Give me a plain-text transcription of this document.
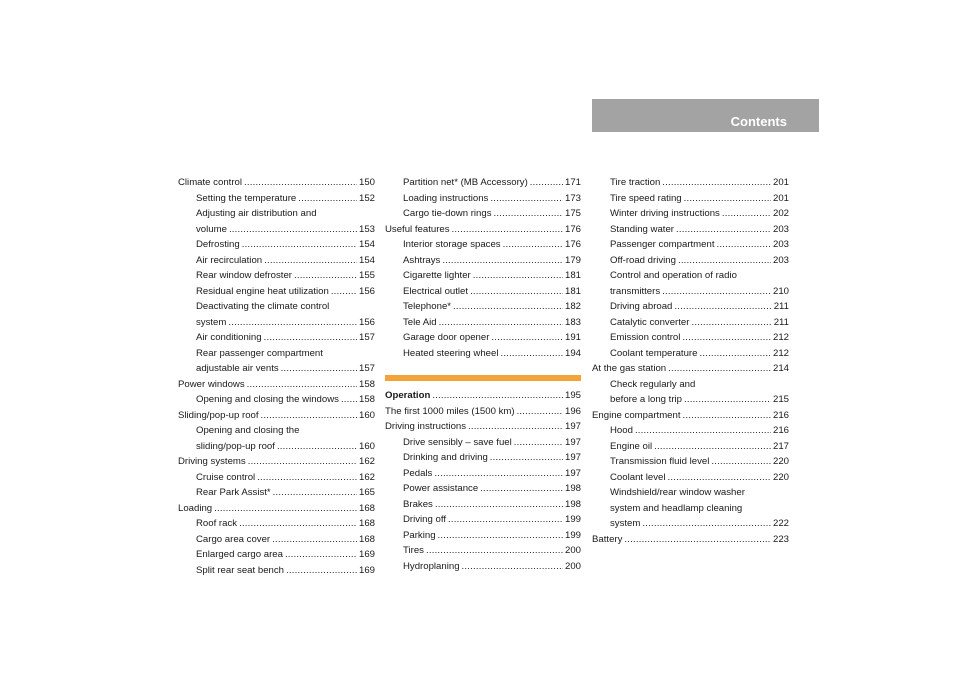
Contents
Climate control .....	150
Setting the temperature .....	152
Adjusting air distribution and
volume .....	153
Defrosting .....	154
Air recirculation .....	154
Rear window defroster .....	155
Residual engine heat utilization .....	156
Deactivating the climate control
system .....	156
Air conditioning .....	157
Rear passenger compartment
adjustable air vents .....	157
Power windows .....	158
Opening and closing the windows ..... 158
Sliding/pop-up roof .....	160
Opening and closing the
sliding/pop-up roof .....	160
Driving systems .....	162
Cruise control .....	162
Rear Park Assist* .....	165
Loading .....	168
Roof rack .....	168
Cargo area cover .....	168
Enlarged cargo area .....	169
Split rear seat bench .....	169
Partition net* (MB Accessory) .....	171
Loading instructions .....	173
Cargo tie-down rings .....	175
Useful features .....	176
Interior storage spaces .....	176
Ashtrays .....	179
Cigarette lighter .....	181
Electrical outlet .....	181
Telephone* .....	182
Tele Aid .....	183
Garage door opener .....	191
Heated steering wheel .....	194
Operation .....	195
The first 1000 miles (1500 km) .....	196
Driving instructions .....	197
Drive sensibly – save fuel .....	197
Drinking and driving .....	197
Pedals .....	197
Power assistance .....	198
Brakes .....	198
Driving off .....	199
Parking .....	199
Tires .....	200
Hydroplaning .....	200
Tire traction .....	201
Tire speed rating .....	201
Winter driving instructions .....	202
Standing water .....	203
Passenger compartment .....	203
Off-road driving .....	203
Control and operation of radio
transmitters .....	210
Driving abroad .....	211
Catalytic converter .....	211
Emission control .....	212
Coolant temperature .....	212
At the gas station .....	214
Check regularly and
before a long trip .....	215
Engine compartment .....	216
Hood .....	216
Engine oil .....	217
Transmission fluid level .....	220
Coolant level .....	220
Windshield/rear window washer
system and headlamp cleaning
system .....	222
Battery .....	223
